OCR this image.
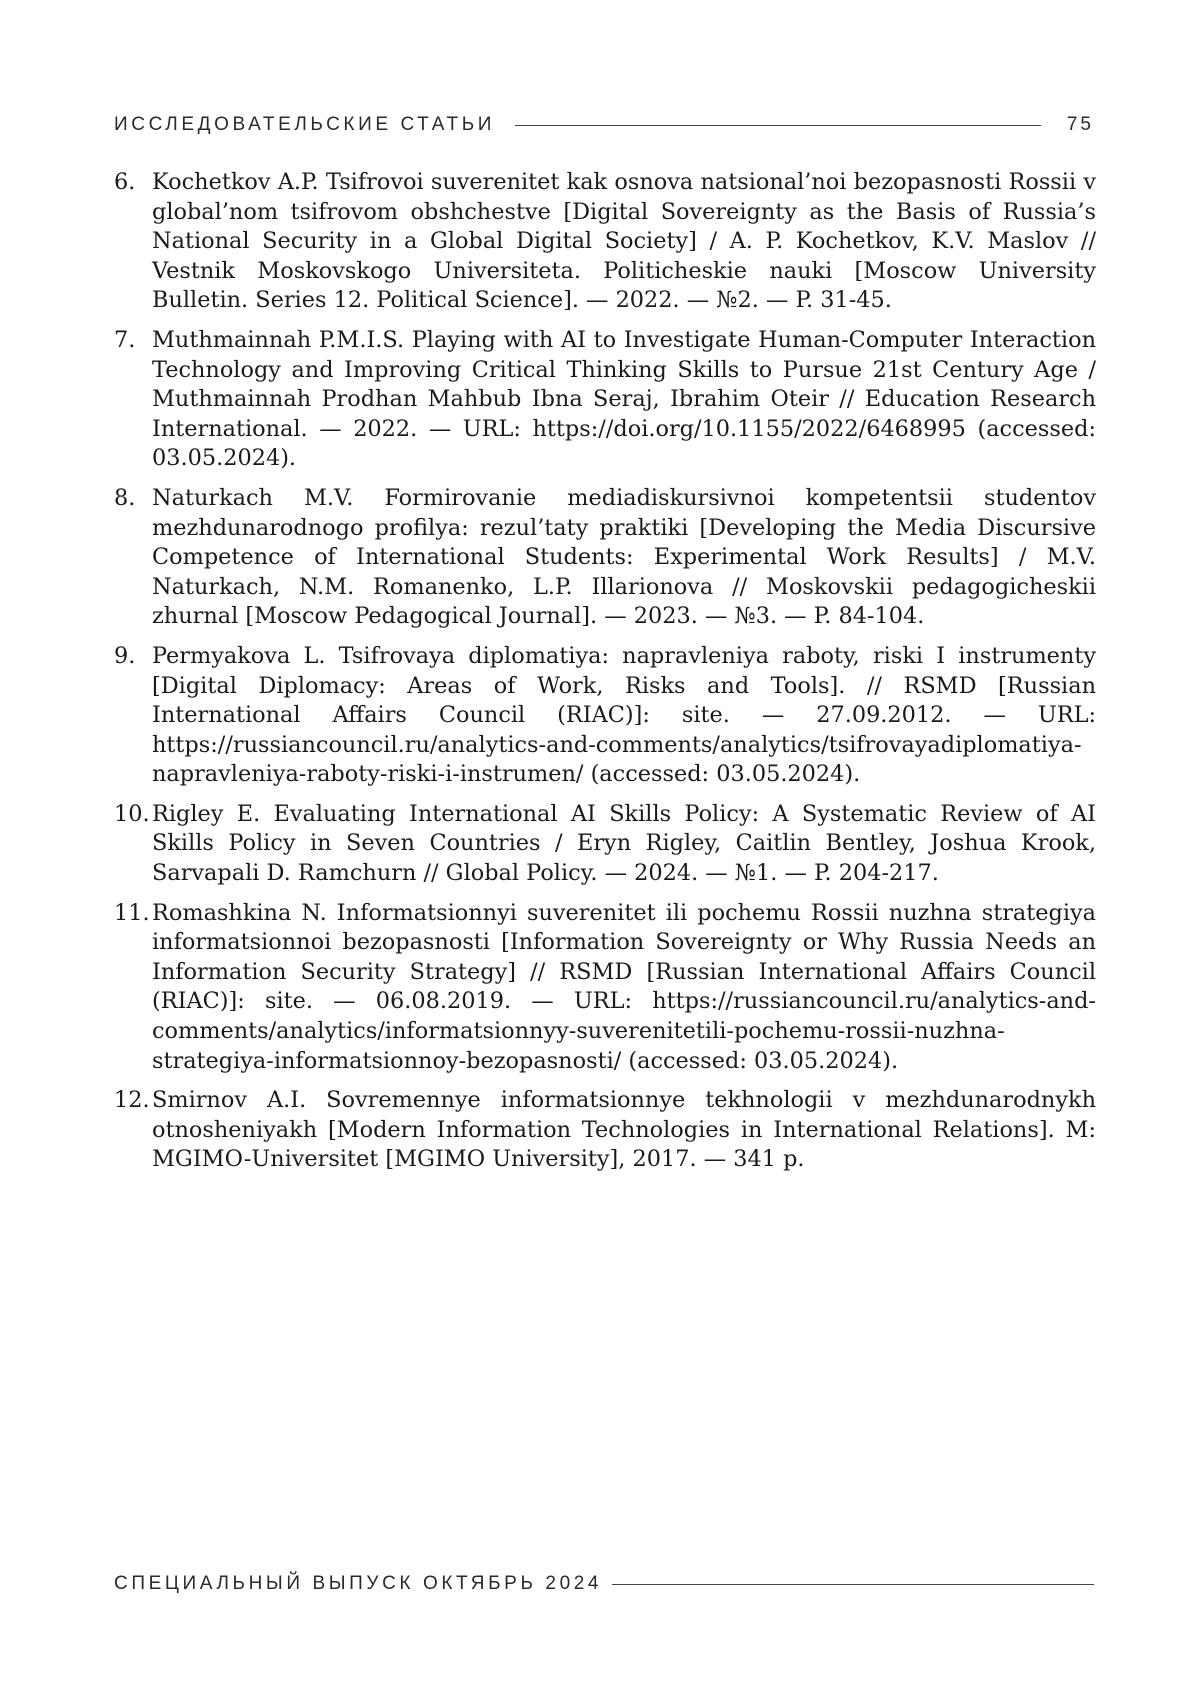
ИССЛЕДОВАТЕЛЬСКИЕ СТАТЬИ	75
6. Kochetkov A.P. Tsifrovoi suverenitet kak osnova natsional’noi bezopasnosti Rossii v global’nom tsifrovom obshchestve [Digital Sovereignty as the Basis of Russia’s National Security in a Global Digital Society] / A. P. Kochetkov, K.V. Maslov // Vestnik Moskovskogo Universiteta. Politicheskie nauki [Moscow University Bulletin. Series 12. Political Science]. — 2022. — №2. — P. 31-45.
7. Muthmainnah P.M.I.S. Playing with AI to Investigate Human-Computer Interaction Technology and Improving Critical Thinking Skills to Pursue 21st Century Age / Muthmainnah Prodhan Mahbub Ibna Seraj, Ibrahim Oteir // Education Research International. — 2022. — URL: https://doi.org/10.1155/2022/6468995 (accessed: 03.05.2024).
8. Naturkach M.V. Formirovanie mediadiskursivnoi kompetentsii studentov mezhdunarodnogo profilya: rezul’taty praktiki [Developing the Media Discursive Competence of International Students: Experimental Work Results] / M.V. Naturkach, N.M. Romanenko, L.P. Illarionova // Moskovskii pedagogicheskii zhurnal [Moscow Pedagogical Journal]. — 2023. — №3. — P. 84-104.
9. Permyakova L. Tsifrovaya diplomatiya: napravleniya raboty, riski I instrumenty [Digital Diplomacy: Areas of Work, Risks and Tools]. // RSMD [Russian International Affairs Council (RIAC)]: site. — 27.09.2012. — URL: https://russiancouncil.ru/analytics-and-comments/analytics/tsifrovayadiplomatiya-napravleniya-raboty-riski-i-instrumen/ (accessed: 03.05.2024).
10. Rigley E. Evaluating International AI Skills Policy: A Systematic Review of AI Skills Policy in Seven Countries / Eryn Rigley, Caitlin Bentley, Joshua Krook, Sarvapali D. Ramchurn // Global Policy. — 2024. — №1. — P. 204-217.
11. Romashkina N. Informatsionnyi suverenitet ili pochemu Rossii nuzhna strategiya informatsionnoi bezopasnosti [Information Sovereignty or Why Russia Needs an Information Security Strategy] // RSMD [Russian International Affairs Council (RIAC)]: site. — 06.08.2019. — URL: https://russiancouncil.ru/analytics-and-comments/analytics/informatsionnyy-suverenitetili-pochemu-rossii-nuzhna-strategiya-informatsionnoy-bezopasnosti/ (accessed: 03.05.2024).
12. Smirnov A.I. Sovremennye informatsionnye tekhnologii v mezhdunarodnykh otnosheniyakh [Modern Information Technologies in International Relations]. M: MGIMO-Universitet [MGIMO University], 2017. — 341 p.
СПЕЦИАЛЬНЫЙ ВЫПУСК ОКТЯБРЬ 2024
